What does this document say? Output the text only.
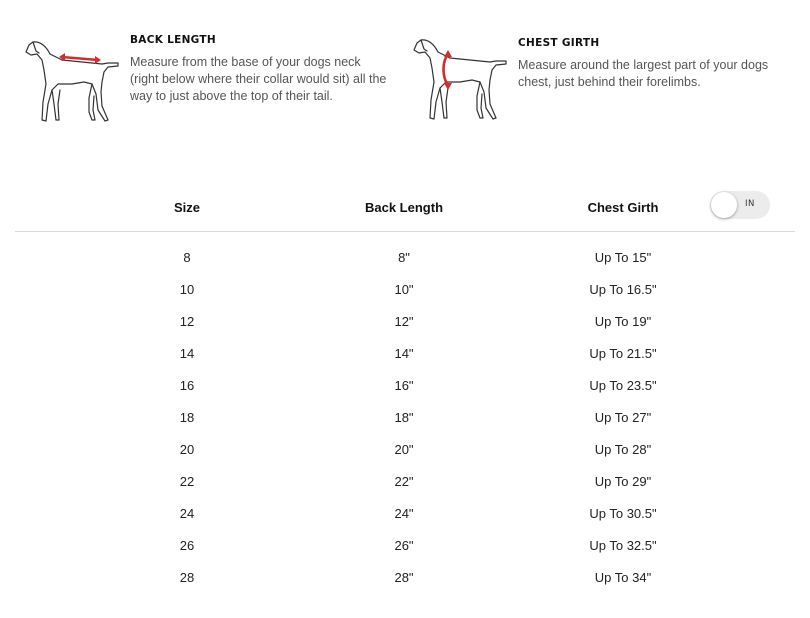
BACK LENGTH

Measure from the base of your dogs neck (right below where their collar would sit) all the way to just above the top of their tail.

CHEST GIRTH

Measure around the largest part of your dogs chest, just behind their forelimbs.

Size	Back Length	Chest Girth	IN
8	8"	Up To 15"
10	10"	Up To 16.5"
12	12"	Up To 19"
14	14"	Up To 21.5"
16	16"	Up To 23.5"
18	18"	Up To 27"
20	20"	Up To 28"
22	22"	Up To 29"
24	24"	Up To 30.5"
26	26"	Up To 32.5"
28	28"	Up To 34"
